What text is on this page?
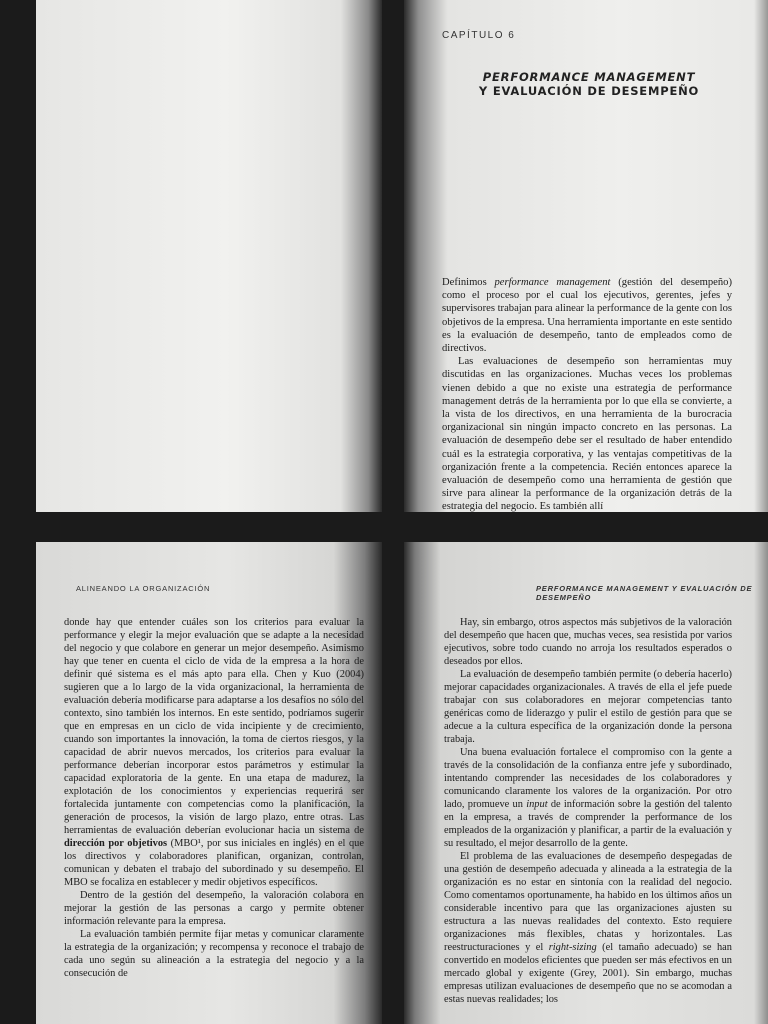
CAPÍTULO 6
PERFORMANCE MANAGEMENT
Y EVALUACIÓN DE DESEMPEÑO

Definimos performance management (gestión del desempeño) como el proceso por el cual los ejecutivos, gerentes, jefes y supervisores trabajan para alinear la performance de la gente con los objetivos de la empresa. Una herramienta importante en este sentido es la evaluación de desempeño, tanto de empleados como de directivos.

Las evaluaciones de desempeño son herramientas muy discutidas en las organizaciones. Muchas veces los problemas vienen debido a que no existe una estrategia de performance management detrás de la herramienta por lo que ella se convierte, a la vista de los directivos, en una herramienta de la burocracia organizacional sin ningún impacto concreto en las personas. La evaluación de desempeño debe ser el resultado de haber entendido cuál es la estrategia corporativa, y las ventajas competitivas de la organización frente a la competencia. Recién entonces aparece la evaluación de desempeño como una herramienta de gestión que sirve para alinear la performance de la organización detrás de la estrategia del negocio. Es también allí

ALINEANDO LA ORGANIZACIÓN

donde hay que entender cuáles son los criterios para evaluar la performance y elegir la mejor evaluación que se adapte a la necesidad del negocio y que colabore en generar un mejor desempeño. Asimismo hay que tener en cuenta el ciclo de vida de la empresa a la hora de definir qué sistema es el más apto para ella. Chen y Kuo (2004) sugieren que a lo largo de la vida organizacional, la herramienta de evaluación debería modificarse para adaptarse a los desafíos no sólo del contexto, sino también los internos. En este sentido, podríamos sugerir que en empresas en un ciclo de vida incipiente y de crecimiento, cuando son importantes la innovación, la toma de ciertos riesgos, y la capacidad de abrir nuevos mercados, los criterios para evaluar la performance deberían incorporar estos parámetros y estimular la capacidad exploratoria de la gente. En una etapa de madurez, la explotación de los conocimientos y experiencias requerirá ser fortalecida juntamente con competencias como la planificación, la generación de procesos, la visión de largo plazo, entre otras. Las herramientas de evaluación deberían evolucionar hacia un sistema de dirección por objetivos (MBO¹, por sus iniciales en inglés) en el que los directivos y colaboradores planifican, organizan, controlan, comunican y debaten el trabajo del subordinado y su desempeño. El MBO se focaliza en establecer y medir objetivos específicos.

Dentro de la gestión del desempeño, la valoración colabora en mejorar la gestión de las personas a cargo y permite obtener información relevante para la empresa.

La evaluación también permite fijar metas y comunicar claramente la estrategia de la organización; y recompensa y reconoce el trabajo de cada uno según su alineación a la estrategia del negocio y a la consecución de

PERFORMANCE MANAGEMENT Y EVALUACIÓN DE DESEMPEÑO

Hay, sin embargo, otros aspectos más subjetivos de la valoración del desempeño que hacen que, muchas veces, sea resistida por varios ejecutivos, sobre todo cuando no arroja los resultados esperados o deseados por ellos.

La evaluación de desempeño también permite (o debería hacerlo) mejorar capacidades organizacionales. A través de ella el jefe puede trabajar con sus colaboradores en mejorar competencias tanto genéricas como de liderazgo y pulir el estilo de gestión para que se adecue a la cultura específica de la organización donde la persona trabaja.

Una buena evaluación fortalece el compromiso con la gente a través de la consolidación de la confianza entre jefe y subordinado, intentando comprender las necesidades de los colaboradores y comunicando claramente los valores de la organización. Por otro lado, promueve un input de información sobre la gestión del talento en la empresa, a través de comprender la performance de los empleados de la organización y planificar, a partir de la evaluación y su resultado, el mejor desarrollo de la gente.

El problema de las evaluaciones de desempeño despegadas de una gestión de desempeño adecuada y alineada a la estrategia de la organización es no estar en sintonía con la realidad del negocio. Como comentamos oportunamente, ha habido en los últimos años un considerable incentivo para que las organizaciones ajusten su estructura a las nuevas realidades del contexto. Esto requiere organizaciones más flexibles, chatas y horizontales. Las reestructuraciones y el right-sizing (el tamaño adecuado) se han convertido en modelos eficientes que pueden ser más efectivos en un mercado global y exigente (Grey, 2001). Sin embargo, muchas empresas utilizan evaluaciones de desempeño que no se acomodan a estas nuevas realidades; los
